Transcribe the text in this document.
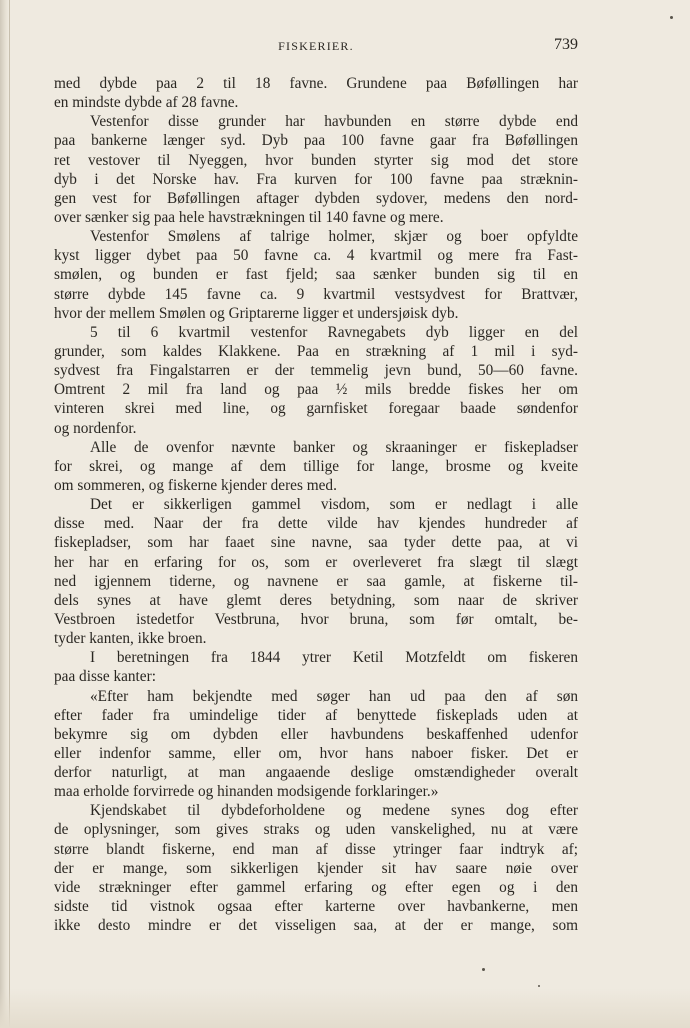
FISKERIER.	739
med dybde paa 2 til 18 favne. Grundene paa Bøføllingen har
en mindste dybde af 28 favne.
Vestenfor disse grunder har havbunden en større dybde end
paa bankerne længer syd. Dyb paa 100 favne gaar fra Bøføllingen
ret vestover til Nyeggen, hvor bunden styrter sig mod det store
dyb i det Norske hav. Fra kurven for 100 favne paa stræknin-
gen vest for Bøføllingen aftager dybden sydover, medens den nord-
over sænker sig paa hele havstrækningen til 140 favne og mere.
Vestenfor Smølens af talrige holmer, skjær og boer opfyldte
kyst ligger dybet paa 50 favne ca. 4 kvartmil og mere fra Fast-
smølen, og bunden er fast fjeld; saa sænker bunden sig til en
større dybde 145 favne ca. 9 kvartmil vestsydvest for Brattvær,
hvor der mellem Smølen og Griptarerne ligger et undersjøisk dyb.
5 til 6 kvartmil vestenfor Ravnegabets dyb ligger en del
grunder, som kaldes Klakkene. Paa en strækning af 1 mil i syd-
sydvest fra Fingalstarren er der temmelig jevn bund, 50—60 favne.
Omtrent 2 mil fra land og paa ½ mils bredde fiskes her om
vinteren skrei med line, og garnfisket foregaar baade søndenfor
og nordenfor.
Alle de ovenfor nævnte banker og skraaninger er fiskepladser
for skrei, og mange af dem tillige for lange, brosme og kveite
om sommeren, og fiskerne kjender deres med.
Det er sikkerligen gammel visdom, som er nedlagt i alle
disse med. Naar der fra dette vilde hav kjendes hundreder af
fiskepladser, som har faaet sine navne, saa tyder dette paa, at vi
her har en erfaring for os, som er overleveret fra slægt til slægt
ned igjennem tiderne, og navnene er saa gamle, at fiskerne til-
dels synes at have glemt deres betydning, som naar de skriver
Vestbroen istedetfor Vestbruna, hvor bruna, som før omtalt, be-
tyder kanten, ikke broen.
I beretningen fra 1844 ytrer Ketil Motzfeldt om fiskeren
paa disse kanter:
«Efter ham bekjendte med søger han ud paa den af søn
efter fader fra umindelige tider af benyttede fiskeplads uden at
bekymre sig om dybden eller havbundens beskaffenhed udenfor
eller indenfor samme, eller om, hvor hans naboer fisker. Det er
derfor naturligt, at man angaaende deslige omstændigheder overalt
maa erholde forvirrede og hinanden modsigende forklaringer.»
Kjendskabet til dybdeforholdene og medene synes dog efter
de oplysninger, som gives straks og uden vanskelighed, nu at være
større blandt fiskerne, end man af disse ytringer faar indtryk af;
der er mange, som sikkerligen kjender sit hav saare nøie over
vide strækninger efter gammel erfaring og efter egen og i den
sidste tid vistnok ogsaa efter karterne over havbankerne, men
ikke desto mindre er det visseligen saa, at der er mange, som
